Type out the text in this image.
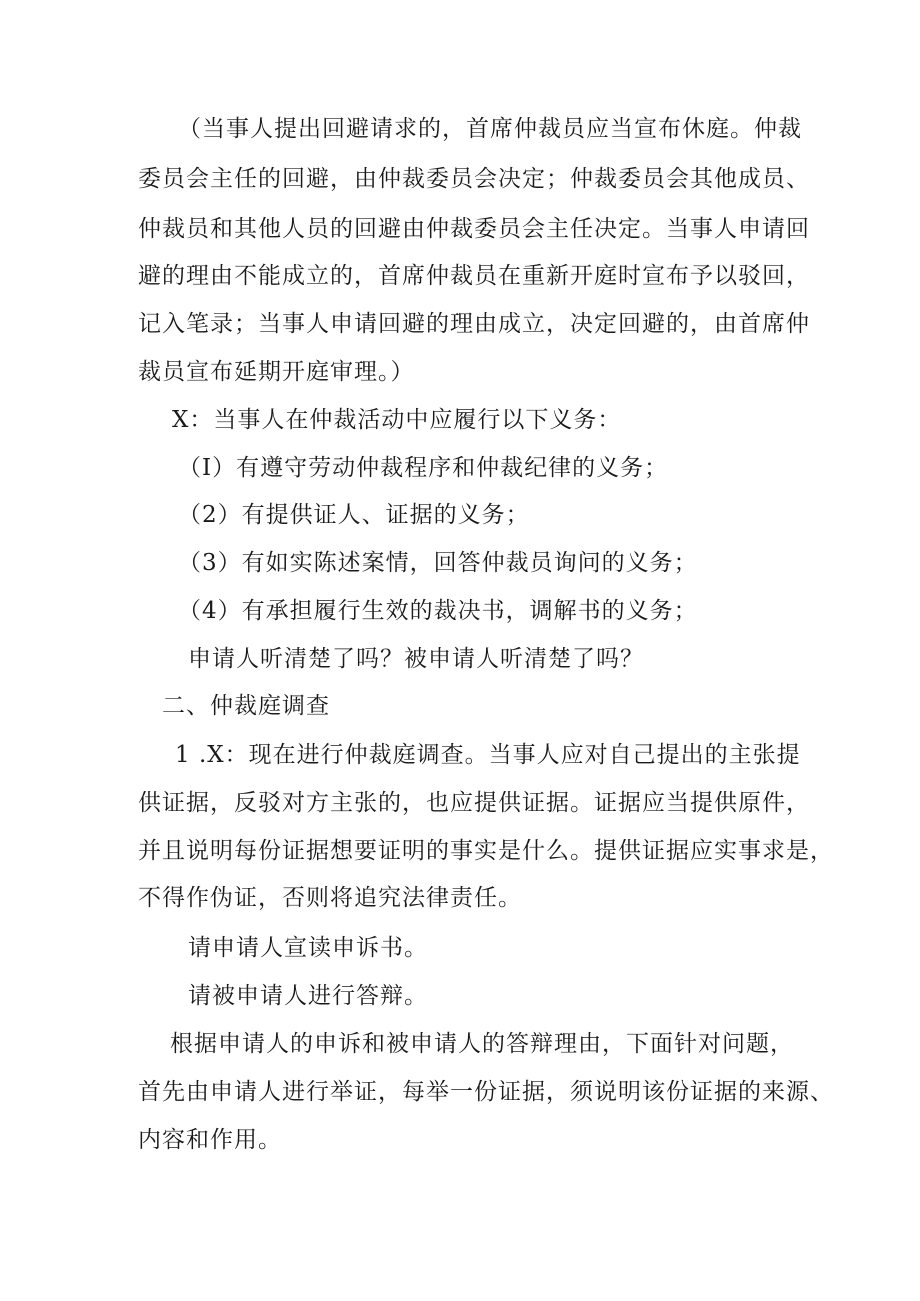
（当事人提出回避请求的，首席仲裁员应当宣布休庭。仲裁
委员会主任的回避，由仲裁委员会决定；仲裁委员会其他成员、
仲裁员和其他人员的回避由仲裁委员会主任决定。当事人申请回
避的理由不能成立的，首席仲裁员在重新开庭时宣布予以驳回，
记入笔录；当事人申请回避的理由成立，决定回避的，由首席仲
裁员宣布延期开庭审理。）
X：当事人在仲裁活动中应履行以下义务：
（I）有遵守劳动仲裁程序和仲裁纪律的义务；
（2）有提供证人、证据的义务；
（3）有如实陈述案情，回答仲裁员询问的义务；
（4）有承担履行生效的裁决书，调解书的义务；
申请人听清楚了吗？被申请人听清楚了吗？
二、仲裁庭调查
1 .X：现在进行仲裁庭调查。当事人应对自己提出的主张提
供证据，反驳对方主张的，也应提供证据。证据应当提供原件，
并且说明每份证据想要证明的事实是什么。提供证据应实事求是，
不得作伪证，否则将追究法律责任。
请申请人宣读申诉书。
请被申请人进行答辩。
根据申请人的申诉和被申请人的答辩理由，下面针对问题，
首先由申请人进行举证，每举一份证据，须说明该份证据的来源、
内容和作用。
